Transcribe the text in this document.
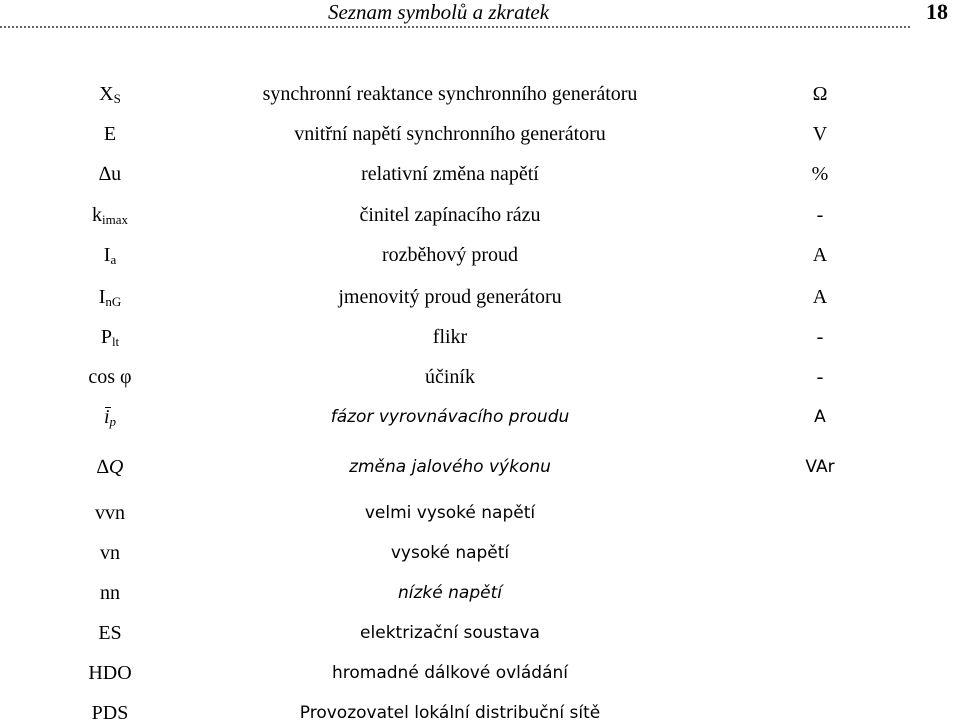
Seznam symbolů a zkratek	18
$X_S$	synchronní reaktance synchronního generátoru	Ω
E	vnitřní napětí synchronního generátoru	V
∆u	relativní změna napětí	%
$k_{imax}$	činitel zapínacího rázu	-
$I_a$	rozběhový proud	A
$I_{nG}$	jmenovitý proud generátoru	A
$P_{lt}$	flikr	-
cos φ	účiník	-
$i_p$	fázor vyrovnávacího proudu	A
∆Q	změna jalového výkonu	VAr
vvn	velmi vysoké napětí
vn	vysoké napětí
nn	nízké napětí
ES	elektrizační soustava
HDO	hromadné dálkové ovládání
PDS	Provozovatel lokální distribuční sítě
